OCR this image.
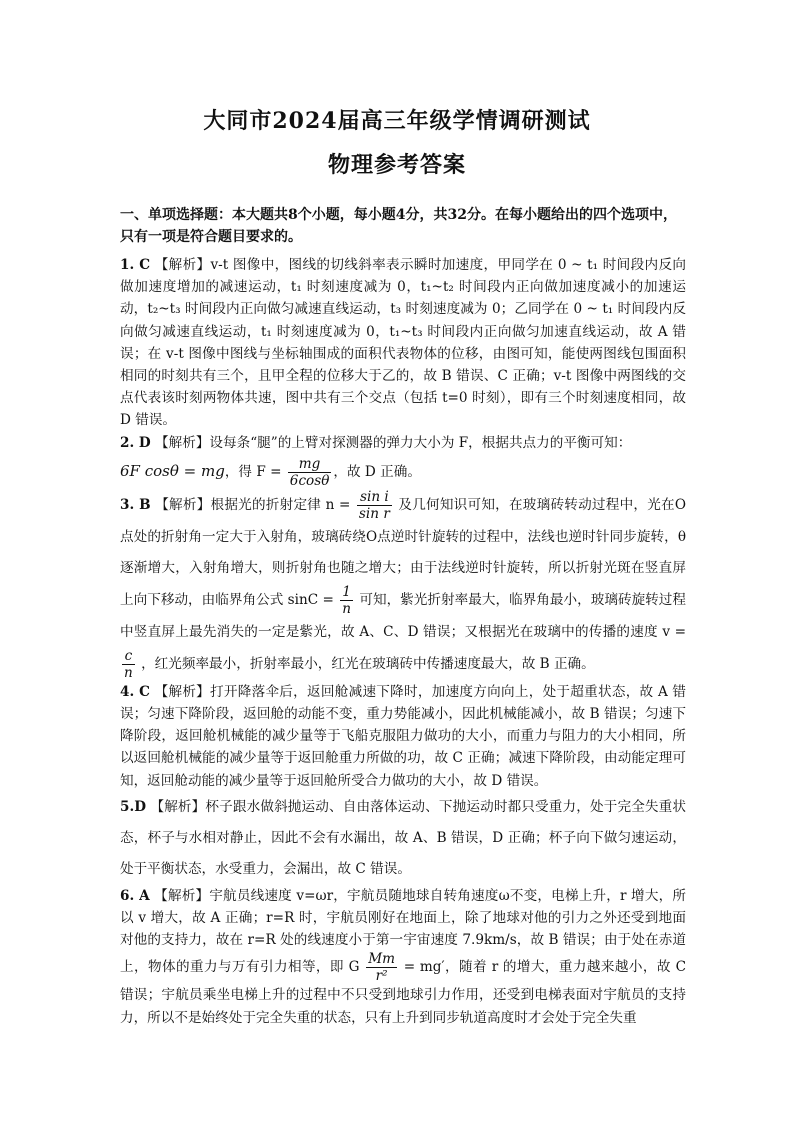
大同市2024届高三年级学情调研测试
物理参考答案
一、单项选择题：本大题共8个小题，每小题4分，共32分。在每小题给出的四个选项中，
只有一项是符合题目要求的。

1. C 【解析】v-t 图像中，图线的切线斜率表示瞬时加速度，甲同学在 0 ~ t₁ 时间段内反向做加速度增加的减速运动，t₁ 时刻速度减为 0，t₁~t₂ 时间段内正向做加速度减小的加速运动，t₂~t₃ 时间段内正向做匀减速直线运动，t₃ 时刻速度减为 0；乙同学在 0 ~ t₁ 时间段内反向做匀减速直线运动，t₁ 时刻速度减为 0，t₁~t₃ 时间段内正向做匀加速直线运动，故 A 错误；在 v-t 图像中图线与坐标轴围成的面积代表物体的位移，由图可知，能使两图线包围面积相同的时刻共有三个，且甲全程的位移大于乙的，故 B 错误、C 正确；v-t 图像中两图线的交点代表该时刻两物体共速，图中共有三个交点（包括 t=0 时刻），即有三个时刻速度相同，故 D 错误。

2. D 【解析】设每条“腿”的上臂对探测器的弹力大小为 F，根据共点力的平衡可知：

6F cosθ = mg，得 $F = \frac{mg}{6\cos\theta}$ ，故 D 正确。

3. B 【解析】根据光的折射定律 $n = \frac{\text{sin i}}{\text{sin r}}$ 及几何知识可知，在玻璃砖转动过程中，光在O点处的折射角一定大于入射角，玻璃砖绕O点逆时针旋转的过程中，法线也逆时针同步旋转，θ逐渐增大，入射角增大，则折射角也随之增大；由于法线逆时针旋转，所以折射光斑在竖直屏上向下移动，由临界角公式 $\sin C = \frac{1}{n}$ 可知，紫光折射率最大，临界角最小，玻璃砖旋转过程中竖直屏上最先消失的一定是紫光，故 A、C、D 错误；又根据光在玻璃中的传播的速度 v =
$\frac{c}{n}$ ，红光频率最小，折射率最小，红光在玻璃砖中传播速度最大，故 B 正确。

4. C 【解析】打开降落伞后，返回舱减速下降时，加速度方向向上，处于超重状态，故 A 错误；匀速下降阶段，返回舱的动能不变，重力势能减小，因此机械能减小，故 B 错误；匀速下降阶段，返回舱机械能的减少量等于飞船克服阻力做功的大小，而重力与阻力的大小相同，所以返回舱机械能的减少量等于返回舱重力所做的功，故 C 正确；减速下降阶段，由动能定理可知，返回舱动能的减少量等于返回舱所受合力做功的大小，故 D 错误。

5.D 【解析】杯子跟水做斜抛运动、自由落体运动、下抛运动时都只受重力，处于完全失重状态，杯子与水相对静止，因此不会有水漏出，故 A、B 错误，D 正确；杯子向下做匀速运动，处于平衡状态，水受重力，会漏出，故 C 错误。

6. A 【解析】宇航员线速度 v=ωr，宇航员随地球自转角速度ω不变，电梯上升，r 增大，所以 v 增大，故 A 正确；r=R 时，宇航员刚好在地面上，除了地球对他的引力之外还受到地面对他的支持力，故在 r=R 处的线速度小于第一宇宙速度 7.9km/s，故 B 错误；由于处在赤道上，物体的重力与万有引力相等，即 G $\frac{Mm}{\text{r²}} = mg'$，随着 r 的增大，重力越来越小，故 C 错误；宇航员乘坐电梯上升的过程中不只受到地球引力作用，还受到电梯表面对宇航员的支持力，所以不是始终处于完全失重的状态，只有上升到同步轨道高度时才会处于完全失重
